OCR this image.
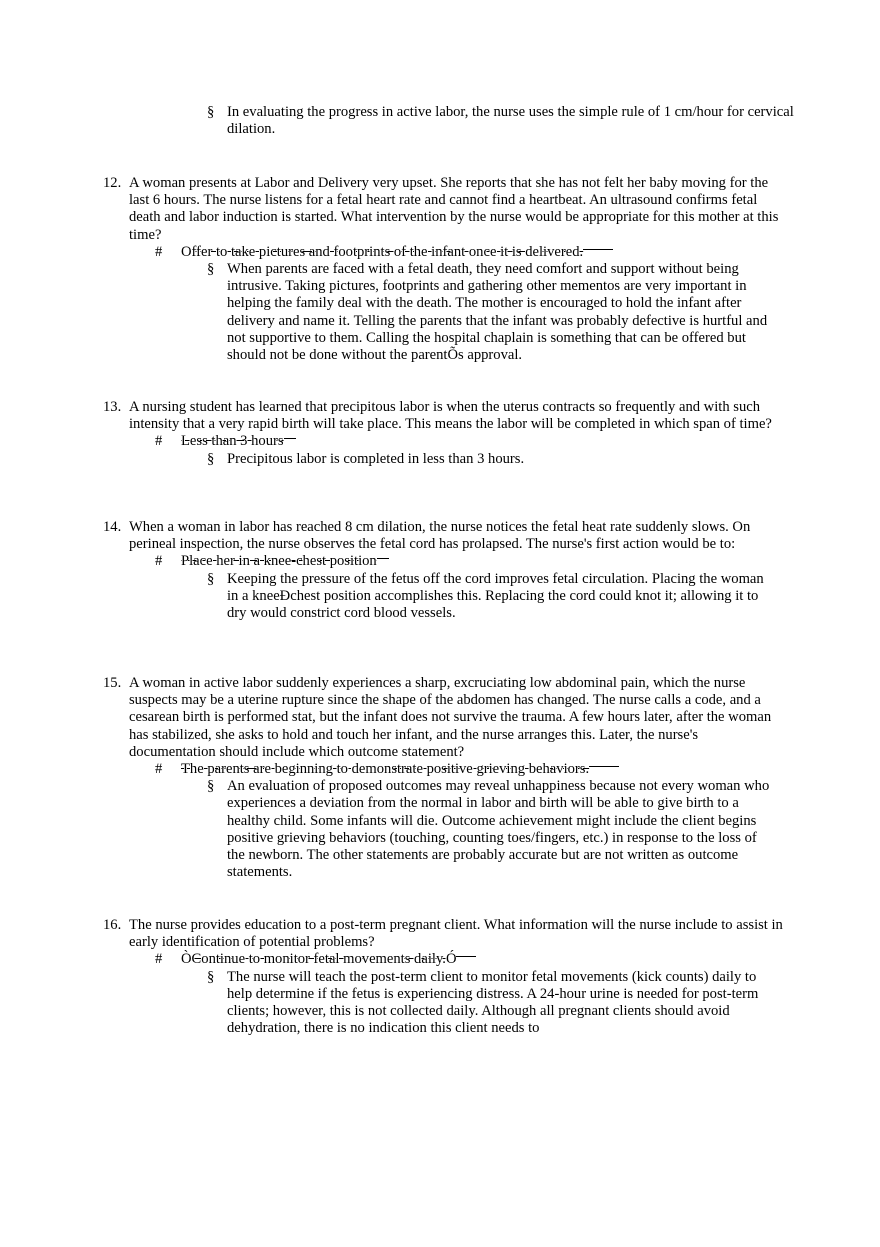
§ In evaluating the progress in active labor, the nurse uses the simple rule of 1 cm/hour for cervical dilation.
12. A woman presents at Labor and Delivery very upset. She reports that she has not felt her baby moving for the last 6 hours. The nurse listens for a fetal heart rate and cannot find a heartbeat. An ultrasound confirms fetal death and labor induction is started. What intervention by the nurse would be appropriate for this mother at this time?
# Offer to take pictures and footprints of the infant once it is delivered.
§ When parents are faced with a fetal death, they need comfort and support without being intrusive. Taking pictures, footprints and gathering other mementos are very important in helping the family deal with the death. The mother is encouraged to hold the infant after delivery and name it. Telling the parents that the infant was probably defective is hurtful and not supportive to them. Calling the hospital chaplain is something that can be offered but should not be done without the parentÕs approval.
13. A nursing student has learned that precipitous labor is when the uterus contracts so frequently and with such intensity that a very rapid birth will take place. This means the labor will be completed in which span of time?
# Less than 3 hours
§ Precipitous labor is completed in less than 3 hours.
14. When a woman in labor has reached 8 cm dilation, the nurse notices the fetal heat rate suddenly slows. On perineal inspection, the nurse observes the fetal cord has prolapsed. The nurse's first action would be to:
# Place her in a knee-chest position
§ Keeping the pressure of the fetus off the cord improves fetal circulation. Placing the woman in a kneeÐchest position accomplishes this. Replacing the cord could knot it; allowing it to dry would constrict cord blood vessels.
15. A woman in active labor suddenly experiences a sharp, excruciating low abdominal pain, which the nurse suspects may be a uterine rupture since the shape of the abdomen has changed. The nurse calls a code, and a cesarean birth is performed stat, but the infant does not survive the trauma. A few hours later, after the woman has stabilized, she asks to hold and touch her infant, and the nurse arranges this. Later, the nurse's documentation should include which outcome statement?
# The parents are beginning to demonstrate positive grieving behaviors.
§ An evaluation of proposed outcomes may reveal unhappiness because not every woman who experiences a deviation from the normal in labor and birth will be able to give birth to a healthy child. Some infants will die. Outcome achievement might include the client begins positive grieving behaviors (touching, counting toes/fingers, etc.) in response to the loss of the newborn. The other statements are probably accurate but are not written as outcome statements.
16. The nurse provides education to a post-term pregnant client. What information will the nurse include to assist in early identification of potential problems?
# ÒContinue to monitor fetal movements daily.Ó
§ The nurse will teach the post-term client to monitor fetal movements (kick counts) daily to help determine if the fetus is experiencing distress. A 24-hour urine is needed for post-term clients; however, this is not collected daily. Although all pregnant clients should avoid dehydration, there is no indication this client needs to
